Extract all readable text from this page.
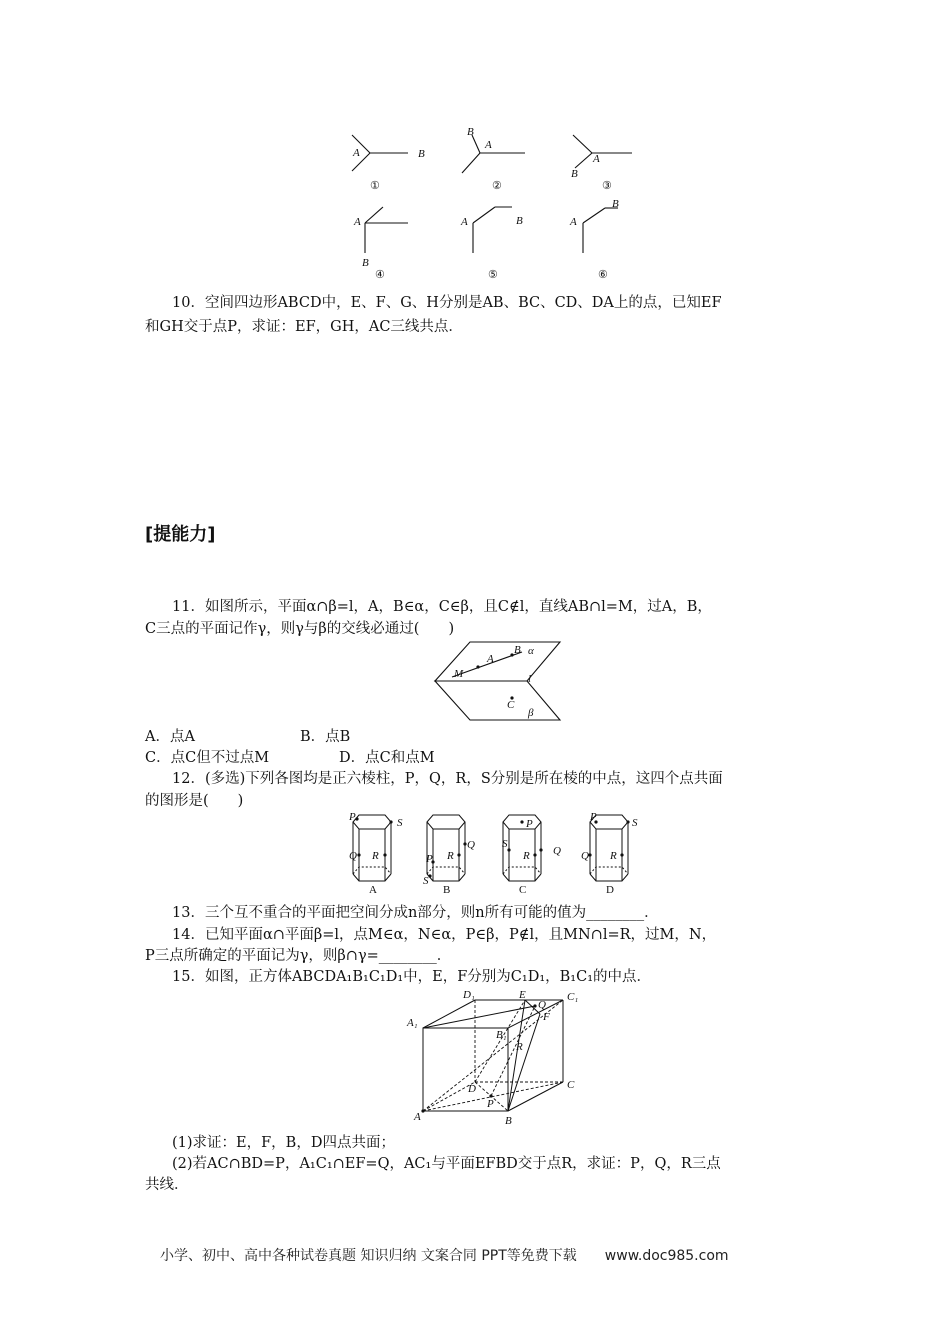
A	B
①
B
A
②
A
B
③
A
B
④
A	B
⑤
A
B
⑥
10．空间四边形ABCD中，E、F、G、H分别是AB、BC、CD、DA上的点，已知EF
和GH交于点P，求证：EF，GH，AC三线共点．
[提能力]
11．如图所示，平面α∩β=l，A，B∈α，C∈β，且C∉l，直线AB∩l=M，过A，B，
C三点的平面记作γ，则γ与β的交线必通过(　　)
A
B α
M	l
C
β
A．点A	B．点B
C．点C但不过点M	D．点C和点M
12．(多选)下列各图均是正六棱柱，P，Q，R，S分别是所在棱的中点，这四个点共面
的图形是(　　)
P	S
Q R
Q
R
P
S
P
S
R Q
P	S
Q R
A	B	C	D
13．三个互不重合的平面把空间分成n部分，则n所有可能的值为________．
14．已知平面α∩平面β=l，点M∈α，N∈α，P∈β，P∉l，且MN∩l=R，过M，N，
P三点所确定的平面记为γ，则β∩γ=________．
15．如图，正方体ABCDA₁B₁C₁D₁中，E，F分别为C₁D₁，B₁C₁的中点．
D₁	E	C₁
A₁
Q
F
B₁
R
D	C
P
A	B
(1)求证：E，F，B，D四点共面；
(2)若AC∩BD=P，A₁C₁∩EF=Q，AC₁与平面EFBD交于点R，求证：P，Q，R三点
共线．
小学、初中、高中各种试卷真题 知识归纳 文案合同 PPT等免费下载 www.doc985.com
